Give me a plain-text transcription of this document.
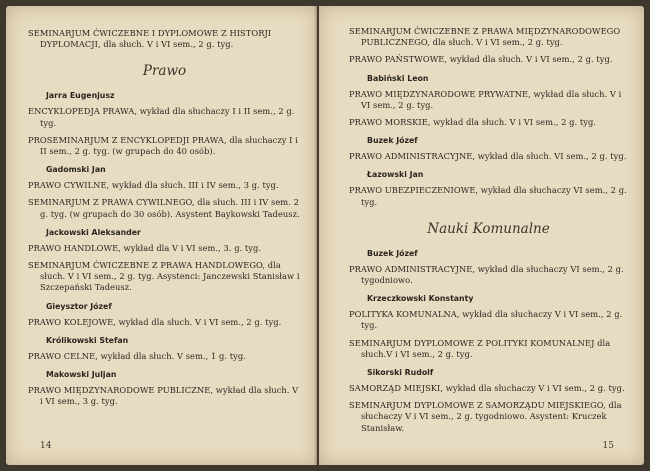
SEMINARJUM ĆWICZEBNE I DYPLOMOWE Z HISTORJI DYPLOMACJI, dla słuch. V i VI sem., 2 g. tyg.

Prawo
Jarra Eugenjusz

ENCYKLOPEDJA PRAWA, wykład dla słuchaczy I i II sem., 2 g. tyg.

PROSEMINARJUM Z ENCYKLOPEDJI PRAWA, dla słuchaczy I i II sem., 2 g. tyg. (w grupach do 40 osób).

Gadomski Jan

PRAWO CYWILNE, wykład dla słuch. III i IV sem., 3 g. tyg.

SEMINARJUM Z PRAWA CYWILNEGO, dla słuch. III i IV sem. 2 g. tyg. (w grupach do 30 osób). Asystent Baykowski Tadeusz.

Jackowski Aleksander

PRAWO HANDLOWE, wykład dla V i VI sem., 3. g. tyg.

SEMINARJUM ĆWICZEBNE Z PRAWA HANDLOWEGO, dla słuch. V i VI sem., 2 g. tyg. Asystenci: Janczewski Stanisław i Szczepański Tadeusz.

Gieysztor Józef

PRAWO KOLEJOWE, wykład dla słuch. V i VI sem., 2 g. tyg.

Królikowski Stefan

PRAWO CELNE, wykład dla słuch. V sem., 1 g. tyg.

Makowski Juljan

PRAWO MIĘDZYNARODOWE PUBLICZNE, wykład dla słuch. V i VI sem., 3 g. tyg.

14

SEMINARJUM ĆWICZEBNE Z PRAWA MIĘDZYNARODOWEGO PUBLICZNEGO, dla słuch. V i VI sem., 2 g. tyg.

PRAWO PAŃSTWOWE, wykład dla słuch. V i VI sem., 2 g. tyg.

Babiński Leon

PRAWO MIĘDZYNARODOWE PRYWATNE, wykład dla słuch. V i VI sem., 2 g. tyg.

PRAWO MORSKIE, wykład dla słuch. V i VI sem., 2 g. tyg.

Buzek Józef

PRAWO ADMINISTRACYJNE, wykład dla słuch. VI sem., 2 g. tyg.

Łazowski Jan

PRAWO UBEZPIECZENIOWE, wykład dla słuchaczy VI sem., 2 g. tyg.

Nauki Komunalne
Buzek Józef

PRAWO ADMINISTRACYJNE, wykład dla słuchaczy VI sem., 2 g. tygodniowo.

Krzeczkowski Konstanty

POLITYKA KOMUNALNA, wykład dla słuchaczy V i VI sem., 2 g. tyg.

SEMINARJUM DYPLOMOWE Z POLITYKI KOMUNALNEJ dla słuch.V i VI sem., 2 g. tyg.

Sikorski Rudolf

SAMORZĄD MIEJSKI, wykład dla słuchaczy V i VI sem., 2 g. tyg.

SEMINARJUM DYPLOMOWE Z SAMORZĄDU MIEJSKIEGO, dla słuchaczy V i VI sem., 2 g. tygodniowo. Asystent: Kruczek Stanisław.

15
